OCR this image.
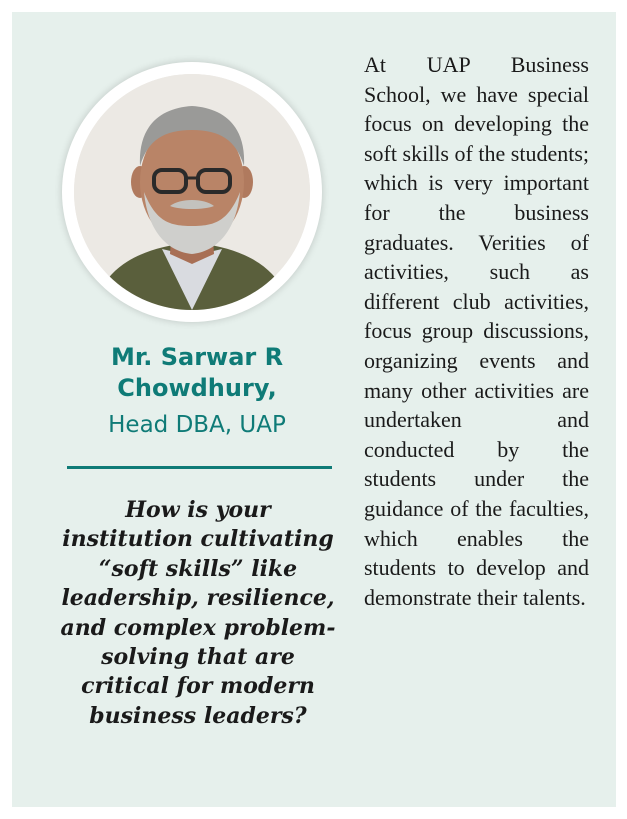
Mr. Sarwar R Chowdhury,

Head DBA, UAP

How is your institution cultivating “soft skills” like leadership, resilience, and complex problem-solving that are critical for modern business leaders?

At UAP Business School, we have special focus on developing the soft skills of the students; which is very important for the business graduates. Verities of activities, such as different club activities, focus group discussions, organizing events and many other activities are undertaken and conducted by the students under the guidance of the faculties, which enables the students to develop and demonstrate their talents.
